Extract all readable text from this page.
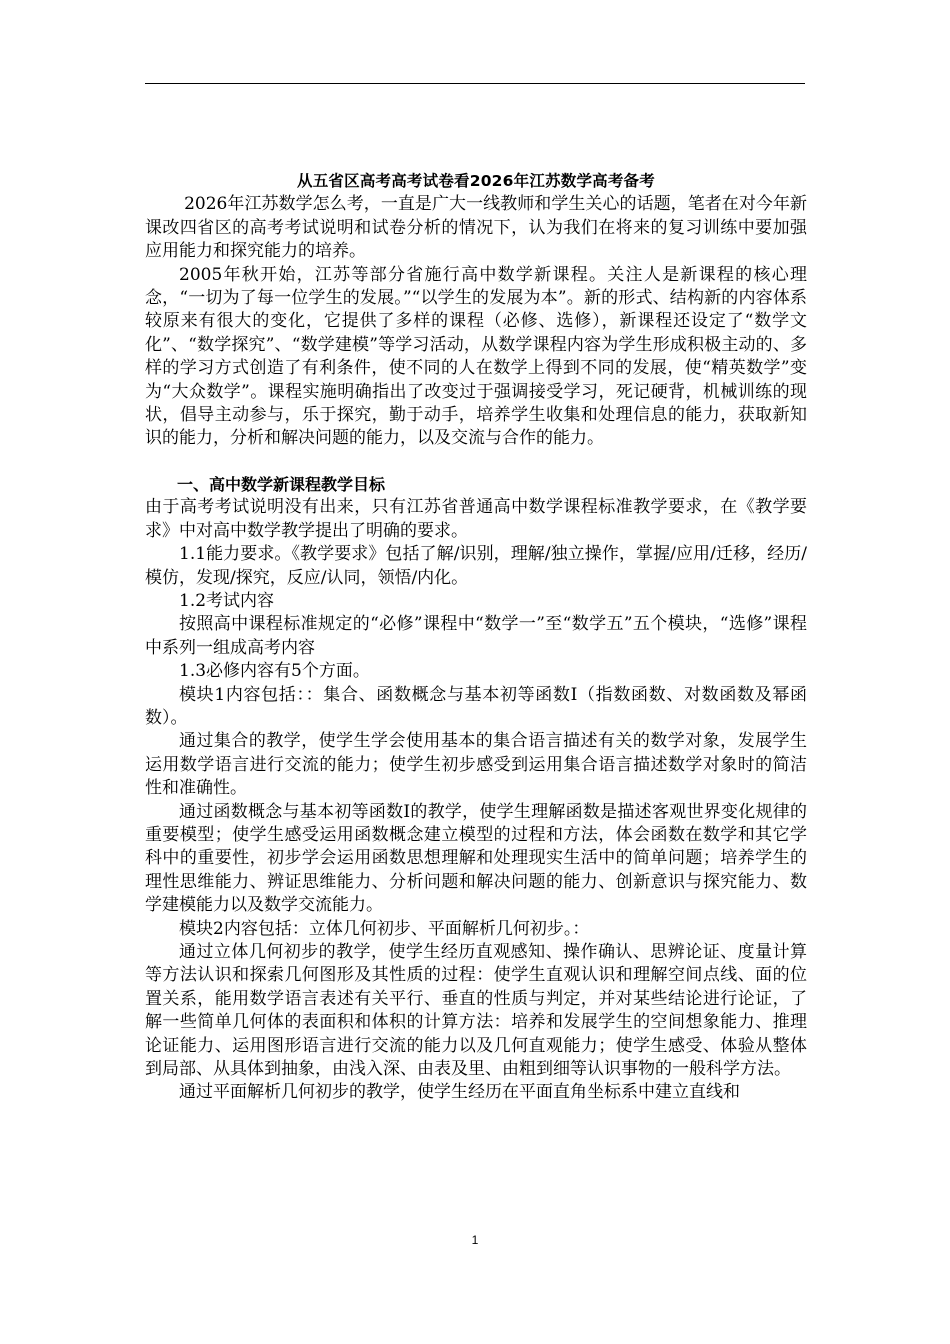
从五省区高考高考试卷看2026年江苏数学高考备考

2026年江苏数学怎么考，一直是广大一线教师和学生关心的话题，笔者在对今年新课改四省区的高考考试说明和试卷分析的情况下，认为我们在将来的复习训练中要加强应用能力和探究能力的培养。

2005年秋开始，江苏等部分省施行高中数学新课程。关注人是新课程的核心理念，“一切为了每一位学生的发展。”“以学生的发展为本”。新的形式、结构新的内容体系较原来有很大的变化，它提供了多样的课程（必修、选修），新课程还设定了“数学文化”、“数学探究”、“数学建模”等学习活动，从数学课程内容为学生形成积极主动的、多样的学习方式创造了有利条件，使不同的人在数学上得到不同的发展，使“精英数学”变为“大众数学”。课程实施明确指出了改变过于强调接受学习，死记硬背，机械训练的现状，倡导主动参与，乐于探究，勤于动手，培养学生收集和处理信息的能力，获取新知识的能力，分析和解决问题的能力，以及交流与合作的能力。

一、高中数学新课程教学目标

由于高考考试说明没有出来，只有江苏省普通高中数学课程标准教学要求，在《教学要求》中对高中数学教学提出了明确的要求。

1.1能力要求。《教学要求》包括了解/识别，理解/独立操作，掌握/应用/迁移，经历/模仿，发现/探究，反应/认同，领悟/内化。

1.2考试内容

按照高中课程标准规定的“必修”课程中“数学一”至“数学五”五个模块，“选修”课程中系列一组成高考内容

1.3必修内容有5个方面。

模块1内容包括：：集合、函数概念与基本初等函数Ⅰ（指数函数、对数函数及幂函数）。

通过集合的教学，使学生学会使用基本的集合语言描述有关的数学对象，发展学生运用数学语言进行交流的能力；使学生初步感受到运用集合语言描述数学对象时的简洁性和准确性。

通过函数概念与基本初等函数Ⅰ的教学，使学生理解函数是描述客观世界变化规律的重要模型；使学生感受运用函数概念建立模型的过程和方法，体会函数在数学和其它学科中的重要性，初步学会运用函数思想理解和处理现实生活中的简单问题；培养学生的理性思维能力、辨证思维能力、分析问题和解决问题的能力、创新意识与探究能力、数学建模能力以及数学交流能力。

模块2内容包括：立体几何初步、平面解析几何初步。：

通过立体几何初步的教学，使学生经历直观感知、操作确认、思辨论证、度量计算等方法认识和探索几何图形及其性质的过程：使学生直观认识和理解空间点线、面的位置关系，能用数学语言表述有关平行、垂直的性质与判定，并对某些结论进行论证，了解一些简单几何体的表面积和体积的计算方法：培养和发展学生的空间想象能力、推理论证能力、运用图形语言进行交流的能力以及几何直观能力；使学生感受、体验从整体到局部、从具体到抽象，由浅入深、由表及里、由粗到细等认识事物的一般科学方法。

通过平面解析几何初步的教学，使学生经历在平面直角坐标系中建立直线和

1
